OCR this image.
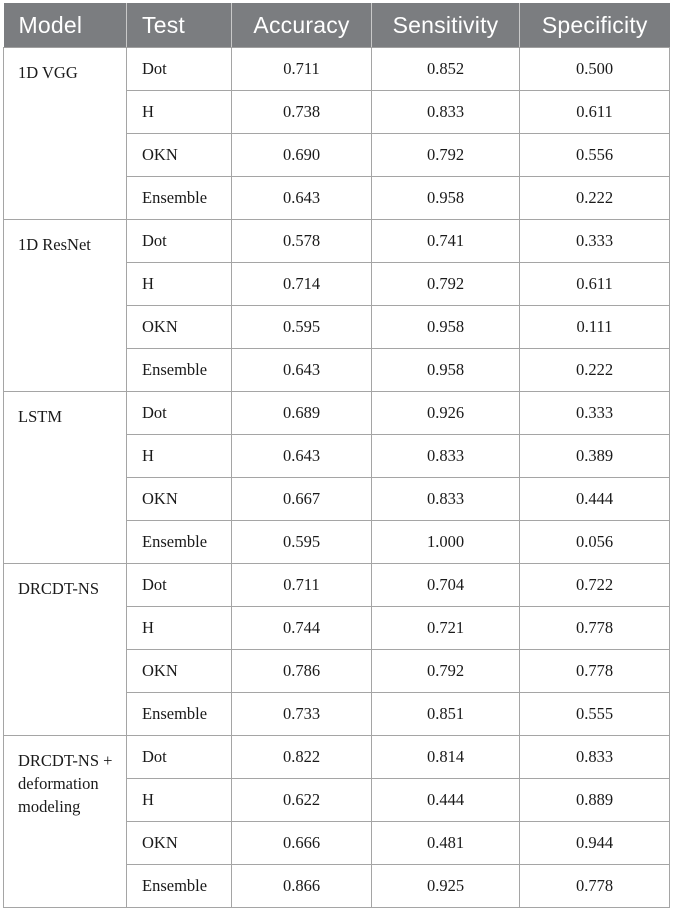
Model	Test	Accuracy	Sensitivity	Specificity
1D VGG	Dot	0.711	0.852	0.500
	H	0.738	0.833	0.611
	OKN	0.690	0.792	0.556
	Ensemble	0.643	0.958	0.222
1D ResNet	Dot	0.578	0.741	0.333
	H	0.714	0.792	0.611
	OKN	0.595	0.958	0.111
	Ensemble	0.643	0.958	0.222
LSTM	Dot	0.689	0.926	0.333
	H	0.643	0.833	0.389
	OKN	0.667	0.833	0.444
	Ensemble	0.595	1.000	0.056
DRCDT-NS	Dot	0.711	0.704	0.722
	H	0.744	0.721	0.778
	OKN	0.786	0.792	0.778
	Ensemble	0.733	0.851	0.555
DRCDT-NS + deformation modeling	Dot	0.822	0.814	0.833
	H	0.622	0.444	0.889
	OKN	0.666	0.481	0.944
	Ensemble	0.866	0.925	0.778
